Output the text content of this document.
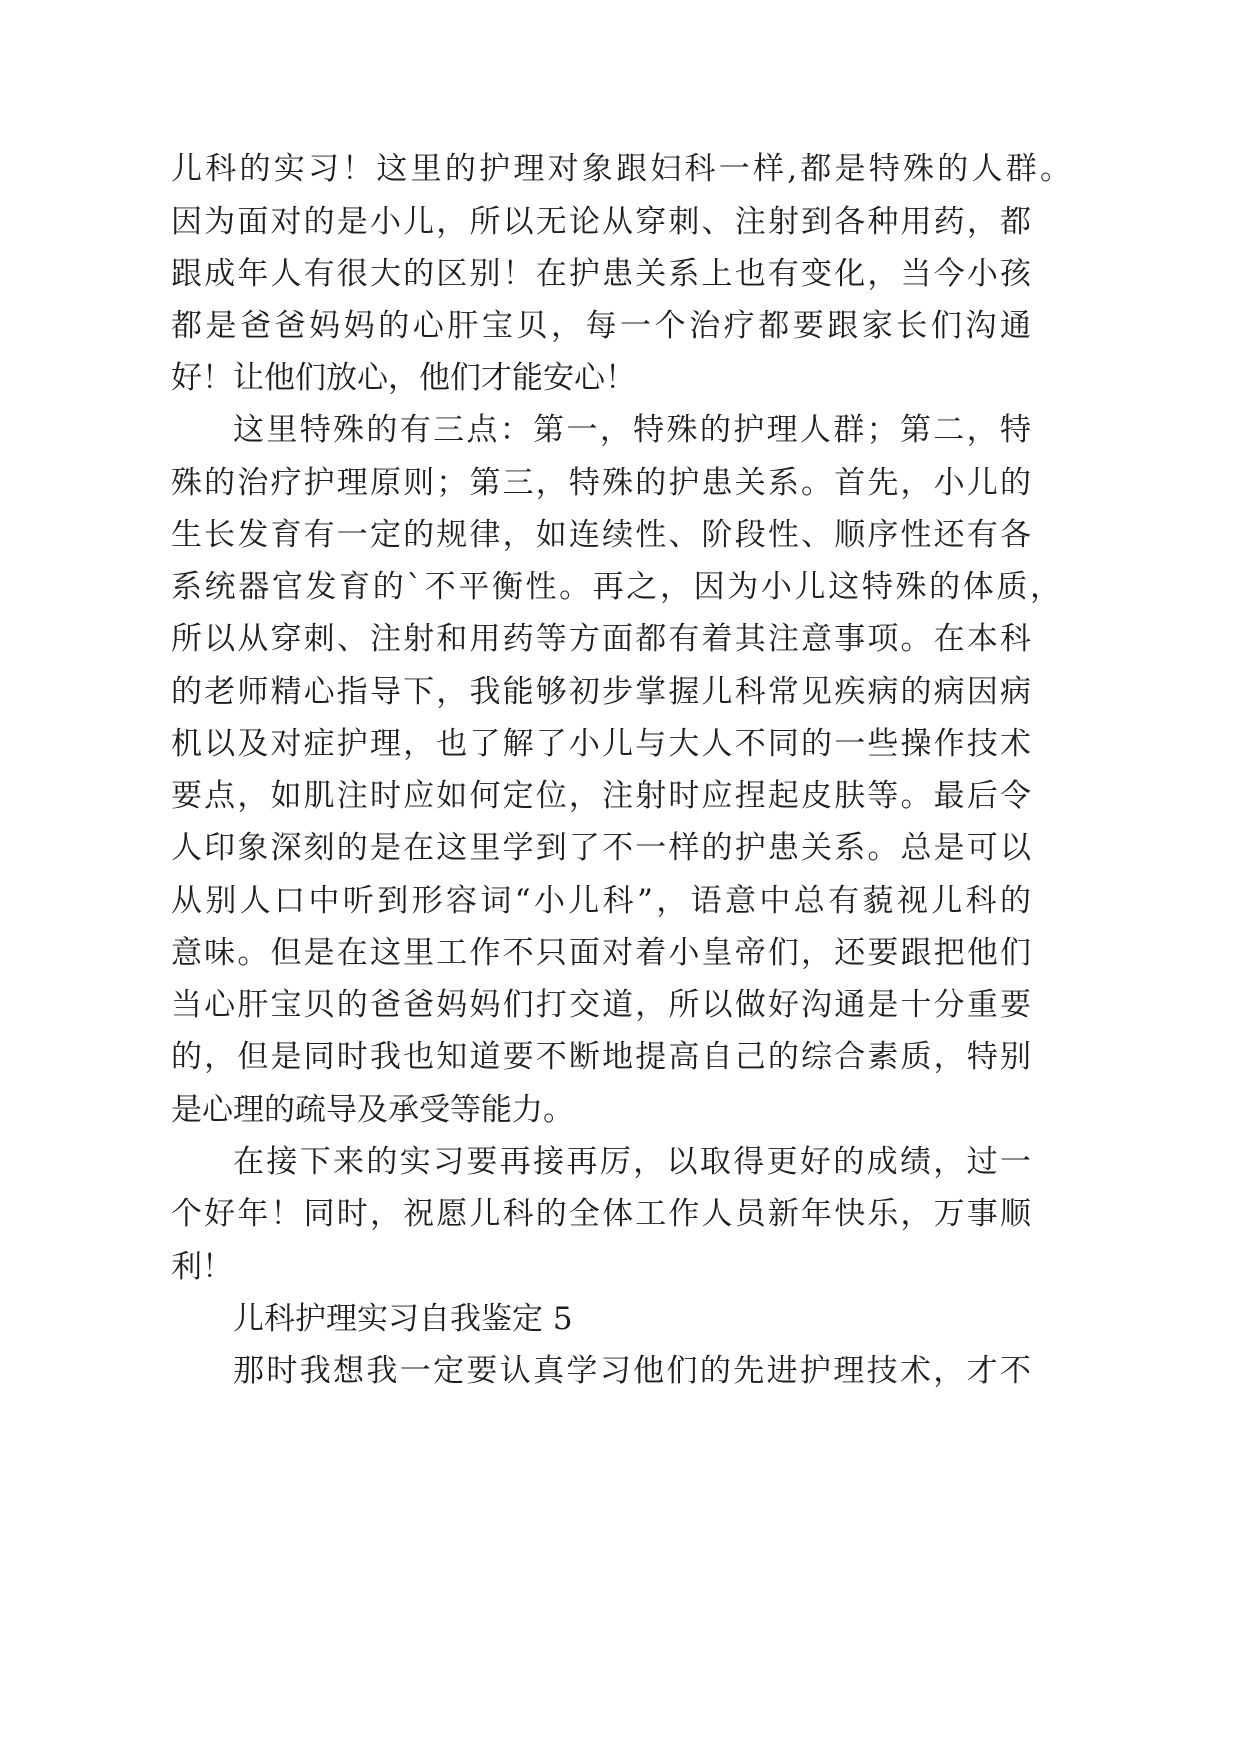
儿科的实习！这里的护理对象跟妇科一样,都是特殊的人群。
因为面对的是小儿，所以无论从穿刺、注射到各种用药，都
跟成年人有很大的区别！在护患关系上也有变化，当今小孩
都是爸爸妈妈的心肝宝贝，每一个治疗都要跟家长们沟通
好！让他们放心，他们才能安心！
这里特殊的有三点：第一，特殊的护理人群；第二，特
殊的治疗护理原则；第三，特殊的护患关系。首先，小儿的
生长发育有一定的规律，如连续性、阶段性、顺序性还有各
系统器官发育的`不平衡性。再之，因为小儿这特殊的体质，
所以从穿刺、注射和用药等方面都有着其注意事项。在本科
的老师精心指导下，我能够初步掌握儿科常见疾病的病因病
机以及对症护理，也了解了小儿与大人不同的一些操作技术
要点，如肌注时应如何定位，注射时应捏起皮肤等。最后令
人印象深刻的是在这里学到了不一样的护患关系。总是可以
从别人口中听到形容词“小儿科”，语意中总有藐视儿科的
意味。但是在这里工作不只面对着小皇帝们，还要跟把他们
当心肝宝贝的爸爸妈妈们打交道，所以做好沟通是十分重要
的，但是同时我也知道要不断地提高自己的综合素质，特别
是心理的疏导及承受等能力。
在接下来的实习要再接再厉，以取得更好的成绩，过一
个好年！同时，祝愿儿科的全体工作人员新年快乐，万事顺
利！
儿科护理实习自我鉴定 5
那时我想我一定要认真学习他们的先进护理技术，才不
